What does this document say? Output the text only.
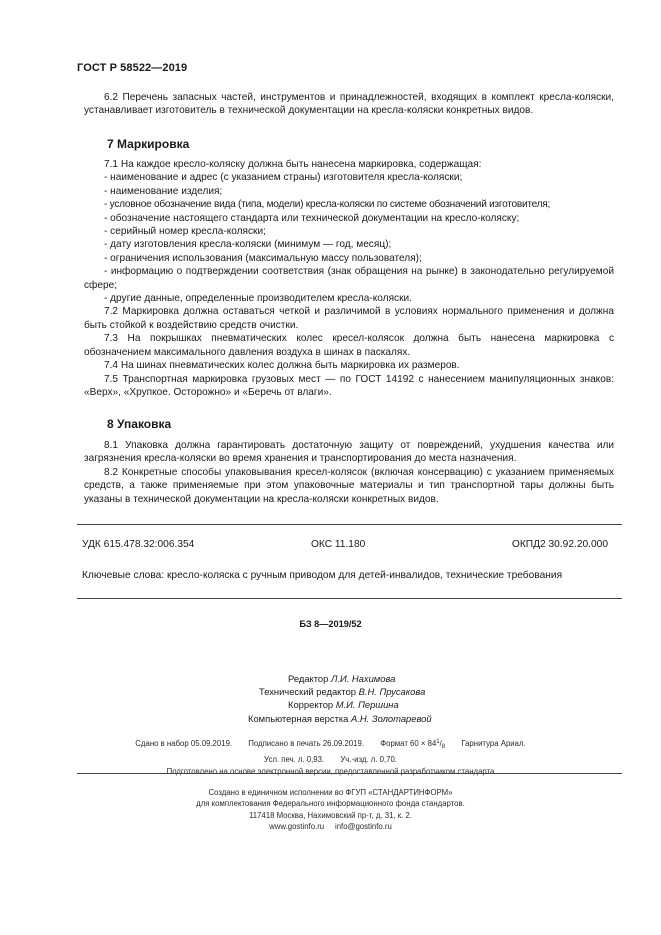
ГОСТ Р 58522—2019

6.2 Перечень запасных частей, инструментов и принадлежностей, входящих в комплект кресла-коляски, устанавливает изготовитель в технической документации на кресла-коляски конкретных видов.

7 Маркировка

7.1 На каждое кресло-коляску должна быть нанесена маркировка, содержащая:

- наименование и адрес (с указанием страны) изготовителя кресла-коляски;

- наименование изделия;

- условное обозначение вида (типа, модели) кресла-коляски по системе обозначений изготовителя;

- обозначение настоящего стандарта или технической документации на кресло-коляску;

- серийный номер кресла-коляски;

- дату изготовления кресла-коляски (минимум — год, месяц);

- ограничения использования (максимальную массу пользователя);

- информацию о подтверждении соответствия (знак обращения на рынке) в законодательно регулируемой сфере;

- другие данные, определенные производителем кресла-коляски.

7.2 Маркировка должна оставаться четкой и различимой в условиях нормального применения и должна быть стойкой к воздействию средств очистки.

7.3 На покрышках пневматических колес кресел-колясок должна быть нанесена маркировка с обозначением максимального давления воздуха в шинах в паскалях.

7.4 На шинах пневматических колес должна быть маркировка их размеров.

7.5 Транспортная маркировка грузовых мест — по ГОСТ 14192 с нанесением манипуляционных знаков: «Верх», «Хрупкое. Осторожно» и «Беречь от влаги».

8 Упаковка

8.1 Упаковка должна гарантировать достаточную защиту от повреждений, ухудшения качества или загрязнения кресла-коляски во время хранения и транспортирования до места назначения.

8.2 Конкретные способы упаковывания кресел-колясок (включая консервацию) с указанием применяемых средств, а также применяемые при этом упаковочные материалы и тип транспортной тары должны быть указаны в технической документации на кресла-коляски конкретных видов.

УДК 615.478.32:006.354	ОКС 11.180	ОКПД2 30.92.20.000
Ключевые слова: кресло-коляска с ручным приводом для детей-инвалидов, технические требования
БЗ 8—2019/52
Редактор Л.И. Нахимова
Технический редактор В.Н. Прусакова
Корректор М.И. Першина
Компьютерная верстка А.Н. Золотаревой
Сдано в набор 05.09.2019. Подписано в печать 26.09.2019. Формат $60 \times 84^1/_8$ Гарнитура Ариал.
Усл. печ. л. 0,93. Уч.-изд. л. 0,70.
Подготовлено на основе электронной версии, предоставленной разработчиком стандарта
Создано в единичном исполнении во ФГУП «СТАНДАРТИНФОРМ»
для комплектования Федерального информационного фонда стандартов.
117418 Москва, Нахимовский пр-т, д. 31, к. 2.
www.gostinfo.ru     info@gostinfo.ru
